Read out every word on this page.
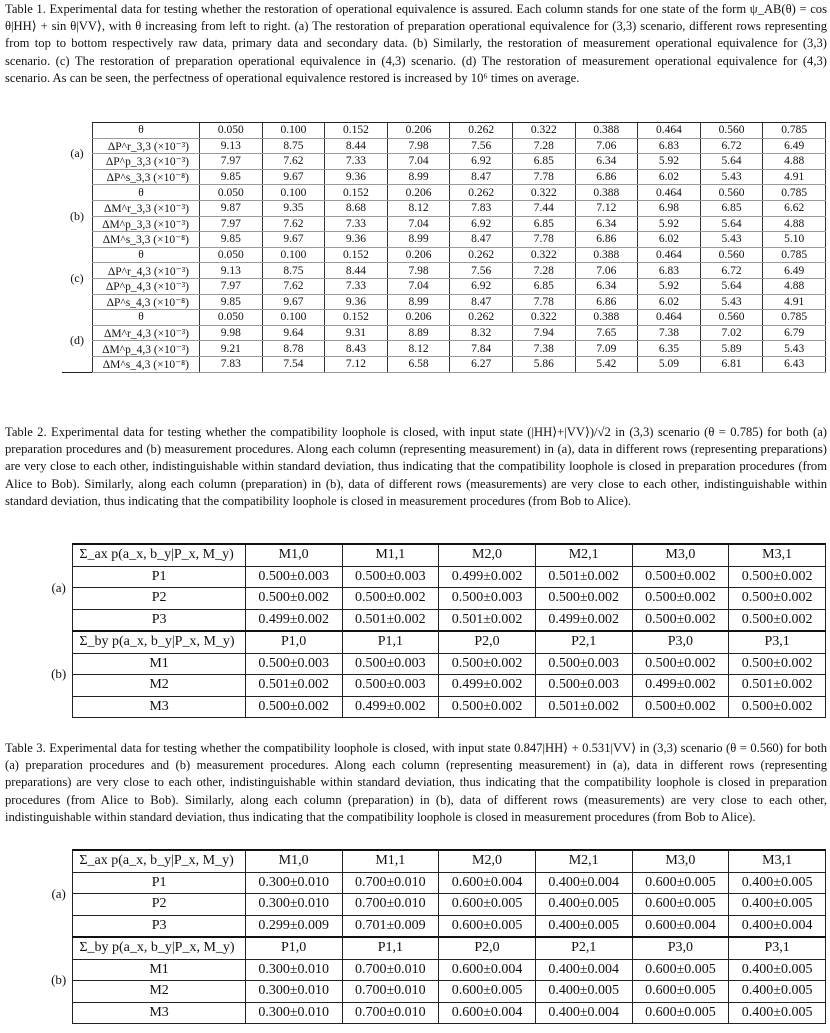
Table 1. Experimental data for testing whether the restoration of operational equivalence is assured. Each column stands for one state of the form ψ_AB(θ) = cos θ|HH⟩ + sin θ|VV⟩, with θ increasing from left to right. (a) The restoration of preparation operational equivalence for (3,3) scenario, different rows representing from top to bottom respectively raw data, primary data and secondary data. (b) Similarly, the restoration of measurement operational equivalence for (3,3) scenario. (c) The restoration of preparation operational equivalence in (4,3) scenario. (d) The restoration of measurement operational equivalence for (4,3) scenario. As can be seen, the perfectness of operational equivalence restored is increased by 10⁶ times on average.

(a)	θ	0.050	0.100	0.152	0.206	0.262	0.322	0.388	0.464	0.560	0.785
	ΔP^r_3,3 (×10⁻³)	9.13	8.75	8.44	7.98	7.56	7.28	7.06	6.83	6.72	6.49
	ΔP^p_3,3 (×10⁻³)	7.97	7.62	7.33	7.04	6.92	6.85	6.34	5.92	5.64	4.88
	ΔP^s_3,3 (×10⁻⁸)	9.85	9.67	9.36	8.99	8.47	7.78	6.86	6.02	5.43	4.91
(b)	θ	0.050	0.100	0.152	0.206	0.262	0.322	0.388	0.464	0.560	0.785
	ΔM^r_3,3 (×10⁻³)	9.87	9.35	8.68	8.12	7.83	7.44	7.12	6.98	6.85	6.62
	ΔM^p_3,3 (×10⁻³)	7.97	7.62	7.33	7.04	6.92	6.85	6.34	5.92	5.64	4.88
	ΔM^s_3,3 (×10⁻⁸)	9.85	9.67	9.36	8.99	8.47	7.78	6.86	6.02	5.43	5.10
(c)	θ	0.050	0.100	0.152	0.206	0.262	0.322	0.388	0.464	0.560	0.785
	ΔP^r_4,3 (×10⁻³)	9.13	8.75	8.44	7.98	7.56	7.28	7.06	6.83	6.72	6.49
	ΔP^p_4,3 (×10⁻³)	7.97	7.62	7.33	7.04	6.92	6.85	6.34	5.92	5.64	4.88
	ΔP^s_4,3 (×10⁻⁸)	9.85	9.67	9.36	8.99	8.47	7.78	6.86	6.02	5.43	4.91
(d)	θ	0.050	0.100	0.152	0.206	0.262	0.322	0.388	0.464	0.560	0.785
	ΔM^r_4,3 (×10⁻³)	9.98	9.64	9.31	8.89	8.32	7.94	7.65	7.38	7.02	6.79
	ΔM^p_4,3 (×10⁻³)	9.21	8.78	8.43	8.12	7.84	7.38	7.09	6.35	5.89	5.43
	ΔM^s_4,3 (×10⁻⁸)	7.83	7.54	7.12	6.58	6.27	5.86	5.42	5.09	6.81	6.43

Table 2. Experimental data for testing whether the compatibility loophole is closed, with input state (|HH⟩+|VV⟩)/√2 in (3,3) scenario (θ = 0.785) for both (a) preparation procedures and (b) measurement procedures. Along each column (representing measurement) in (a), data in different rows (representing preparations) are very close to each other, indistinguishable within standard deviation, thus indicating that the compatibility loophole is closed in preparation procedures (from Alice to Bob). Similarly, along each column (preparation) in (b), data of different rows (measurements) are very close to each other, indistinguishable within standard deviation, thus indicating that the compatibility loophole is closed in measurement procedures (from Bob to Alice).

(a)	Σ_ax p(a_x, b_y|P_x, M_y)	M1,0	M1,1	M2,0	M2,1	M3,0	M3,1
	P1	0.500±0.003	0.500±0.003	0.499±0.002	0.501±0.002	0.500±0.002	0.500±0.002
	P2	0.500±0.002	0.500±0.002	0.500±0.003	0.500±0.002	0.500±0.002	0.500±0.002
	P3	0.499±0.002	0.501±0.002	0.501±0.002	0.499±0.002	0.500±0.002	0.500±0.002
(b)	Σ_by p(a_x, b_y|P_x, M_y)	P1,0	P1,1	P2,0	P2,1	P3,0	P3,1
	M1	0.500±0.003	0.500±0.003	0.500±0.002	0.500±0.003	0.500±0.002	0.500±0.002
	M2	0.501±0.002	0.500±0.003	0.499±0.002	0.500±0.003	0.499±0.002	0.501±0.002
	M3	0.500±0.002	0.499±0.002	0.500±0.002	0.501±0.002	0.500±0.002	0.500±0.002

Table 3. Experimental data for testing whether the compatibility loophole is closed, with input state 0.847|HH⟩ + 0.531|VV⟩ in (3,3) scenario (θ = 0.560) for both (a) preparation procedures and (b) measurement procedures. Along each column (representing measurement) in (a), data in different rows (representing preparations) are very close to each other, indistinguishable within standard deviation, thus indicating that the compatibility loophole is closed in preparation procedures (from Alice to Bob). Similarly, along each column (preparation) in (b), data of different rows (measurements) are very close to each other, indistinguishable within standard deviation, thus indicating that the compatibility loophole is closed in measurement procedures (from Bob to Alice).

(a)	Σ_ax p(a_x, b_y|P_x, M_y)	M1,0	M1,1	M2,0	M2,1	M3,0	M3,1
	P1	0.300±0.010	0.700±0.010	0.600±0.004	0.400±0.004	0.600±0.005	0.400±0.005
	P2	0.300±0.010	0.700±0.010	0.600±0.005	0.400±0.005	0.600±0.005	0.400±0.005
	P3	0.299±0.009	0.701±0.009	0.600±0.005	0.400±0.005	0.600±0.004	0.400±0.004
(b)	Σ_by p(a_x, b_y|P_x, M_y)	P1,0	P1,1	P2,0	P2,1	P3,0	P3,1
	M1	0.300±0.010	0.700±0.010	0.600±0.004	0.400±0.004	0.600±0.005	0.400±0.005
	M2	0.300±0.010	0.700±0.010	0.600±0.005	0.400±0.005	0.600±0.005	0.400±0.005
	M3	0.300±0.010	0.700±0.010	0.600±0.004	0.400±0.004	0.600±0.005	0.400±0.005
